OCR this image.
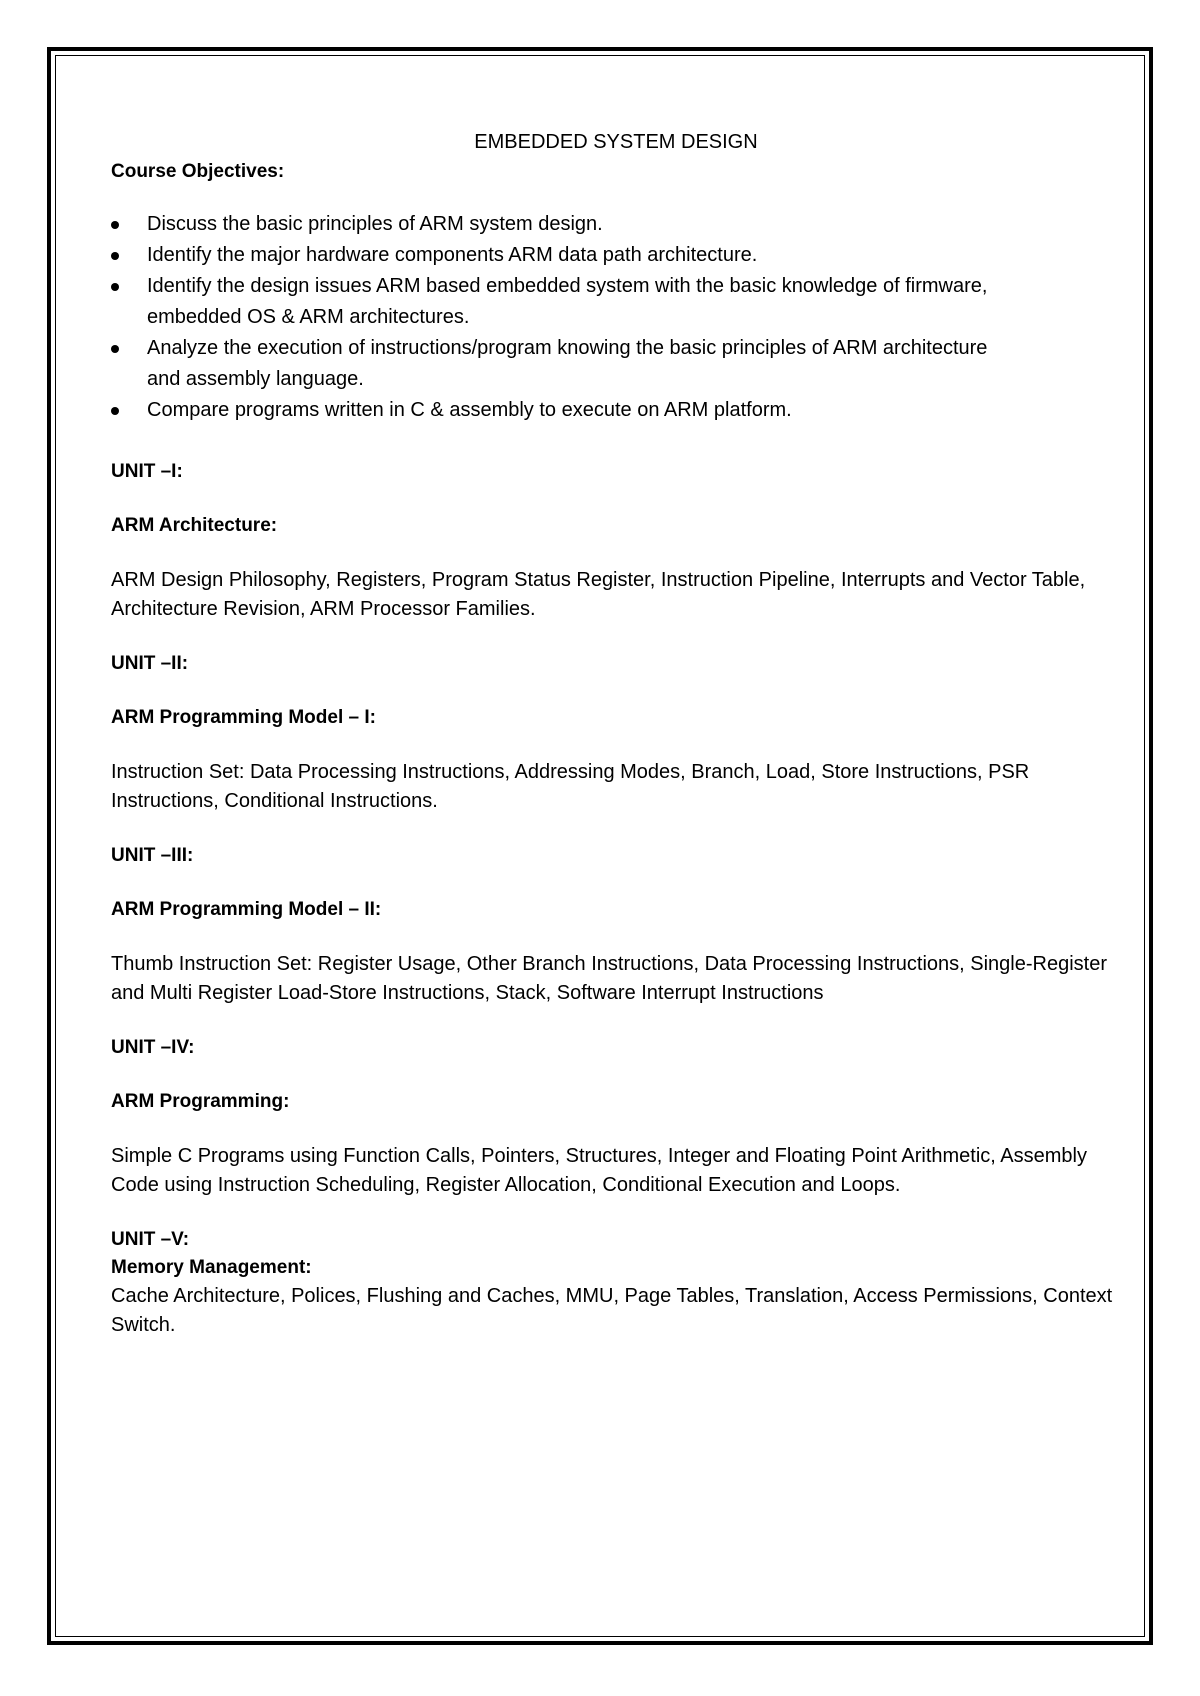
EMBEDDED SYSTEM DESIGN
Course Objectives:
Discuss the basic principles of ARM system design.
Identify the major hardware components ARM data path architecture.
Identify the design issues ARM based embedded system with the basic knowledge of firmware, embedded OS & ARM architectures.
Analyze the execution of instructions/program knowing the basic principles of ARM architecture and assembly language.
Compare programs written in C & assembly to execute on ARM platform.
UNIT –I:
ARM Architecture:
ARM Design Philosophy, Registers, Program Status Register, Instruction Pipeline, Interrupts and Vector Table, Architecture Revision, ARM Processor Families.
UNIT –II:
ARM Programming Model – I:
Instruction Set: Data Processing Instructions, Addressing Modes, Branch, Load, Store Instructions, PSR Instructions, Conditional Instructions.
UNIT –III:
ARM Programming Model – II:
Thumb Instruction Set: Register Usage, Other Branch Instructions, Data Processing Instructions, Single-Register and Multi Register Load-Store Instructions, Stack, Software Interrupt Instructions
UNIT –IV:
ARM Programming:
Simple C Programs using Function Calls, Pointers, Structures, Integer and Floating Point Arithmetic, Assembly Code using Instruction Scheduling, Register Allocation, Conditional Execution and Loops.
UNIT –V:
Memory Management:
Cache Architecture, Polices, Flushing and Caches, MMU, Page Tables, Translation, Access Permissions, Context Switch.
